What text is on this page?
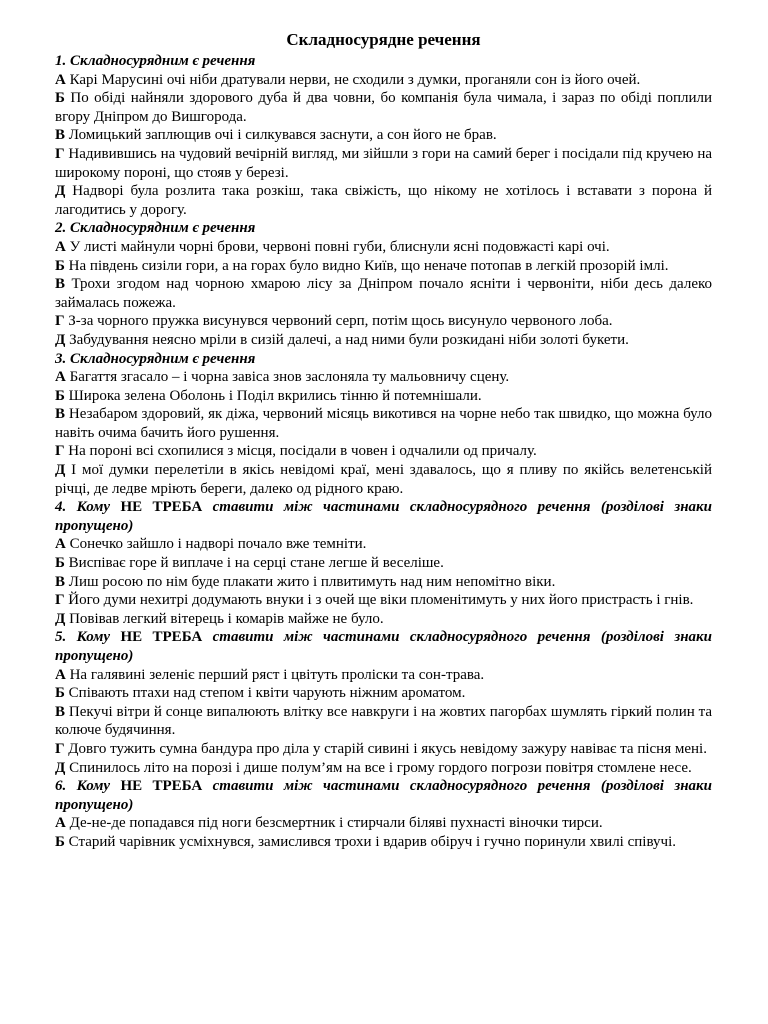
Складносурядне речення
1. Складносурядним є речення
А Карі Марусині очі ніби дратували нерви, не сходили з думки, проганяли сон із його очей.
Б По обіді найняли здорового дуба й два човни, бо компанія була чимала, і зараз по обіді поплили вгору Дніпром до Вишгорода.
В Ломицький заплющив очі і силкувався заснути, а сон його не брав.
Г Надивившись на чудовий вечірній вигляд, ми зійшли з гори на самий берег і посідали під кручею на широкому пороні, що стояв у березі.
Д Надворі була розлита така розкіш, така свіжість, що нікому не хотілось і вставати з порона й лагодитись у дорогу.
2. Складносурядним є речення
А У листі майнули чорні брови, червоні повні губи, блиснули ясні подовжасті карі очі.
Б На південь сизіли гори, а на горах було видно Київ, що неначе потопав в легкій прозорій імлі.
В Трохи згодом над чорною хмарою лісу за Дніпром почало ясніти і червоніти, ніби десь далеко займалась пожежа.
Г З-за чорного пружка висунувся червоний серп, потім щось висунуло червоного лоба.
Д Забудування неясно мріли в сизій далечі, а над ними були розкидані ніби золоті букети.
3. Складносурядним є речення
А Багаття згасало – і чорна завіса знов заслоняла ту мальовничу сцену.
Б Широка зелена Оболонь і Поділ вкрились тінню й потемнішали.
В Незабаром здоровий, як діжа, червоний місяць викотився на чорне небо так швидко, що можна було навіть очима бачить його рушення.
Г На пороні всі схопилися з місця, посідали в човен і одчалили од причалу.
Д І мої думки перелетіли в якісь невідомі краї, мені здавалось, що я пливу по якійсь велетенській річці, де ледве мріють береги, далеко од рідного краю.
4. Кому НЕ ТРЕБА ставити між частинами складносурядного речення (розділові знаки пропущено)
А Сонечко зайшло і надворі почало вже темніти.
Б Виспіває горе й виплаче і на серці стане легше й веселіше.
В Лиш росою по нім буде плакати жито і плвитимуть над ним непомітно віки.
Г Його думи нехитрі додумають внуки і з очей ще віки пломенітимуть у них його пристрасть і гнів.
Д Повівав легкий вітерець і комарів майже не було.
5. Кому НЕ ТРЕБА ставити між частинами складносурядного речення (розділові знаки пропущено)
А На галявині зеленіє перший ряст і цвітуть проліски та сон-трава.
Б Співають птахи над степом і квіти чарують ніжним ароматом.
В Пекучі вітри й сонце випалюють влітку все навкруги і на жовтих пагорбах шумлять гіркий полин та колюче будячиння.
Г Довго тужить сумна бандура про діла у старій сивині і якусь невідому зажуру навіває та пісня мені.
Д Спинилось літо на порозі і дише полум’ям на все і грому гордого погрози повітря стомлене несе.
6. Кому НЕ ТРЕБА ставити між частинами складносурядного речення (розділові знаки пропущено)
А Де-не-де попадався під ноги безсмертник і стирчали біляві пухнасті віночки тирси.
Б Старий чарівник усміхнувся, замислився трохи і вдарив обіруч і гучно поринули хвилі співучі.
